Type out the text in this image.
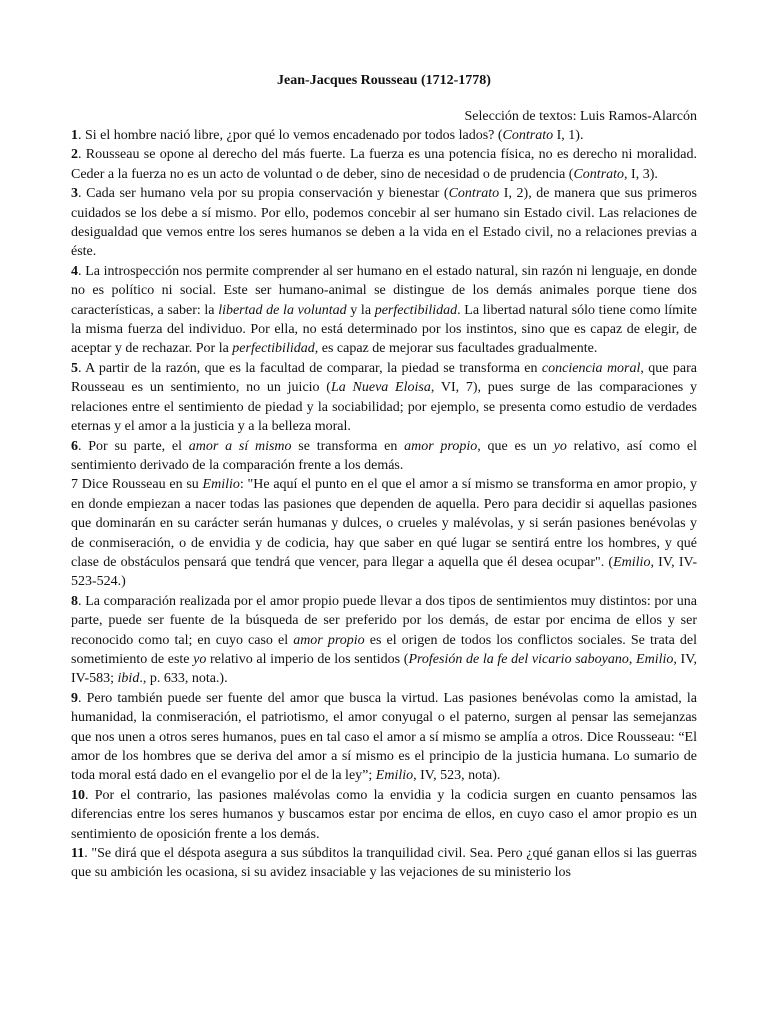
Jean-Jacques Rousseau (1712-1778)

Selección de textos: Luis Ramos-Alarcón

1. Si el hombre nació libre, ¿por qué lo vemos encadenado por todos lados? (Contrato I, 1).

2. Rousseau se opone al derecho del más fuerte. La fuerza es una potencia física, no es derecho ni moralidad. Ceder a la fuerza no es un acto de voluntad o de deber, sino de necesidad o de prudencia (Contrato, I, 3).

3. Cada ser humano vela por su propia conservación y bienestar (Contrato I, 2), de manera que sus primeros cuidados se los debe a sí mismo. Por ello, podemos concebir al ser humano sin Estado civil. Las relaciones de desigualdad que vemos entre los seres humanos se deben a la vida en el Estado civil, no a relaciones previas a éste.

4. La introspección nos permite comprender al ser humano en el estado natural, sin razón ni lenguaje, en donde no es político ni social. Este ser humano-animal se distingue de los demás animales porque tiene dos características, a saber: la libertad de la voluntad y la perfectibilidad. La libertad natural sólo tiene como límite la misma fuerza del individuo. Por ella, no está determinado por los instintos, sino que es capaz de elegir, de aceptar y de rechazar. Por la perfectibilidad, es capaz de mejorar sus facultades gradualmente.

5. A partir de la razón, que es la facultad de comparar, la piedad se transforma en conciencia moral, que para Rousseau es un sentimiento, no un juicio (La Nueva Eloisa, VI, 7), pues surge de las comparaciones y relaciones entre el sentimiento de piedad y la sociabilidad; por ejemplo, se presenta como estudio de verdades eternas y el amor a la justicia y a la belleza moral.

6. Por su parte, el amor a sí mismo se transforma en amor propio, que es un yo relativo, así como el sentimiento derivado de la comparación frente a los demás.

7 Dice Rousseau en su Emilio: "He aquí el punto en el que el amor a sí mismo se transforma en amor propio, y en donde empiezan a nacer todas las pasiones que dependen de aquella. Pero para decidir si aquellas pasiones que dominarán en su carácter serán humanas y dulces, o crueles y malévolas, y si serán pasiones benévolas y de conmiseración, o de envidia y de codicia, hay que saber en qué lugar se sentirá entre los hombres, y qué clase de obstáculos pensará que tendrá que vencer, para llegar a aquella que él desea ocupar". (Emilio, IV, IV-523-524.)

8. La comparación realizada por el amor propio puede llevar a dos tipos de sentimientos muy distintos: por una parte, puede ser fuente de la búsqueda de ser preferido por los demás, de estar por encima de ellos y ser reconocido como tal; en cuyo caso el amor propio es el origen de todos los conflictos sociales. Se trata del sometimiento de este yo relativo al imperio de los sentidos (Profesión de la fe del vicario saboyano, Emilio, IV, IV-583; ibid., p. 633, nota.).

9. Pero también puede ser fuente del amor que busca la virtud. Las pasiones benévolas como la amistad, la humanidad, la conmiseración, el patriotismo, el amor conyugal o el paterno, surgen al pensar las semejanzas que nos unen a otros seres humanos, pues en tal caso el amor a sí mismo se amplía a otros. Dice Rousseau: “El amor de los hombres que se deriva del amor a sí mismo es el principio de la justicia humana. Lo sumario de toda moral está dado en el evangelio por el de la ley”; Emilio, IV, 523, nota).

10. Por el contrario, las pasiones malévolas como la envidia y la codicia surgen en cuanto pensamos las diferencias entre los seres humanos y buscamos estar por encima de ellos, en cuyo caso el amor propio es un sentimiento de oposición frente a los demás.

11. "Se dirá que el déspota asegura a sus súbditos la tranquilidad civil. Sea. Pero ¿qué ganan ellos si las guerras que su ambición les ocasiona, si su avidez insaciable y las vejaciones de su ministerio los
